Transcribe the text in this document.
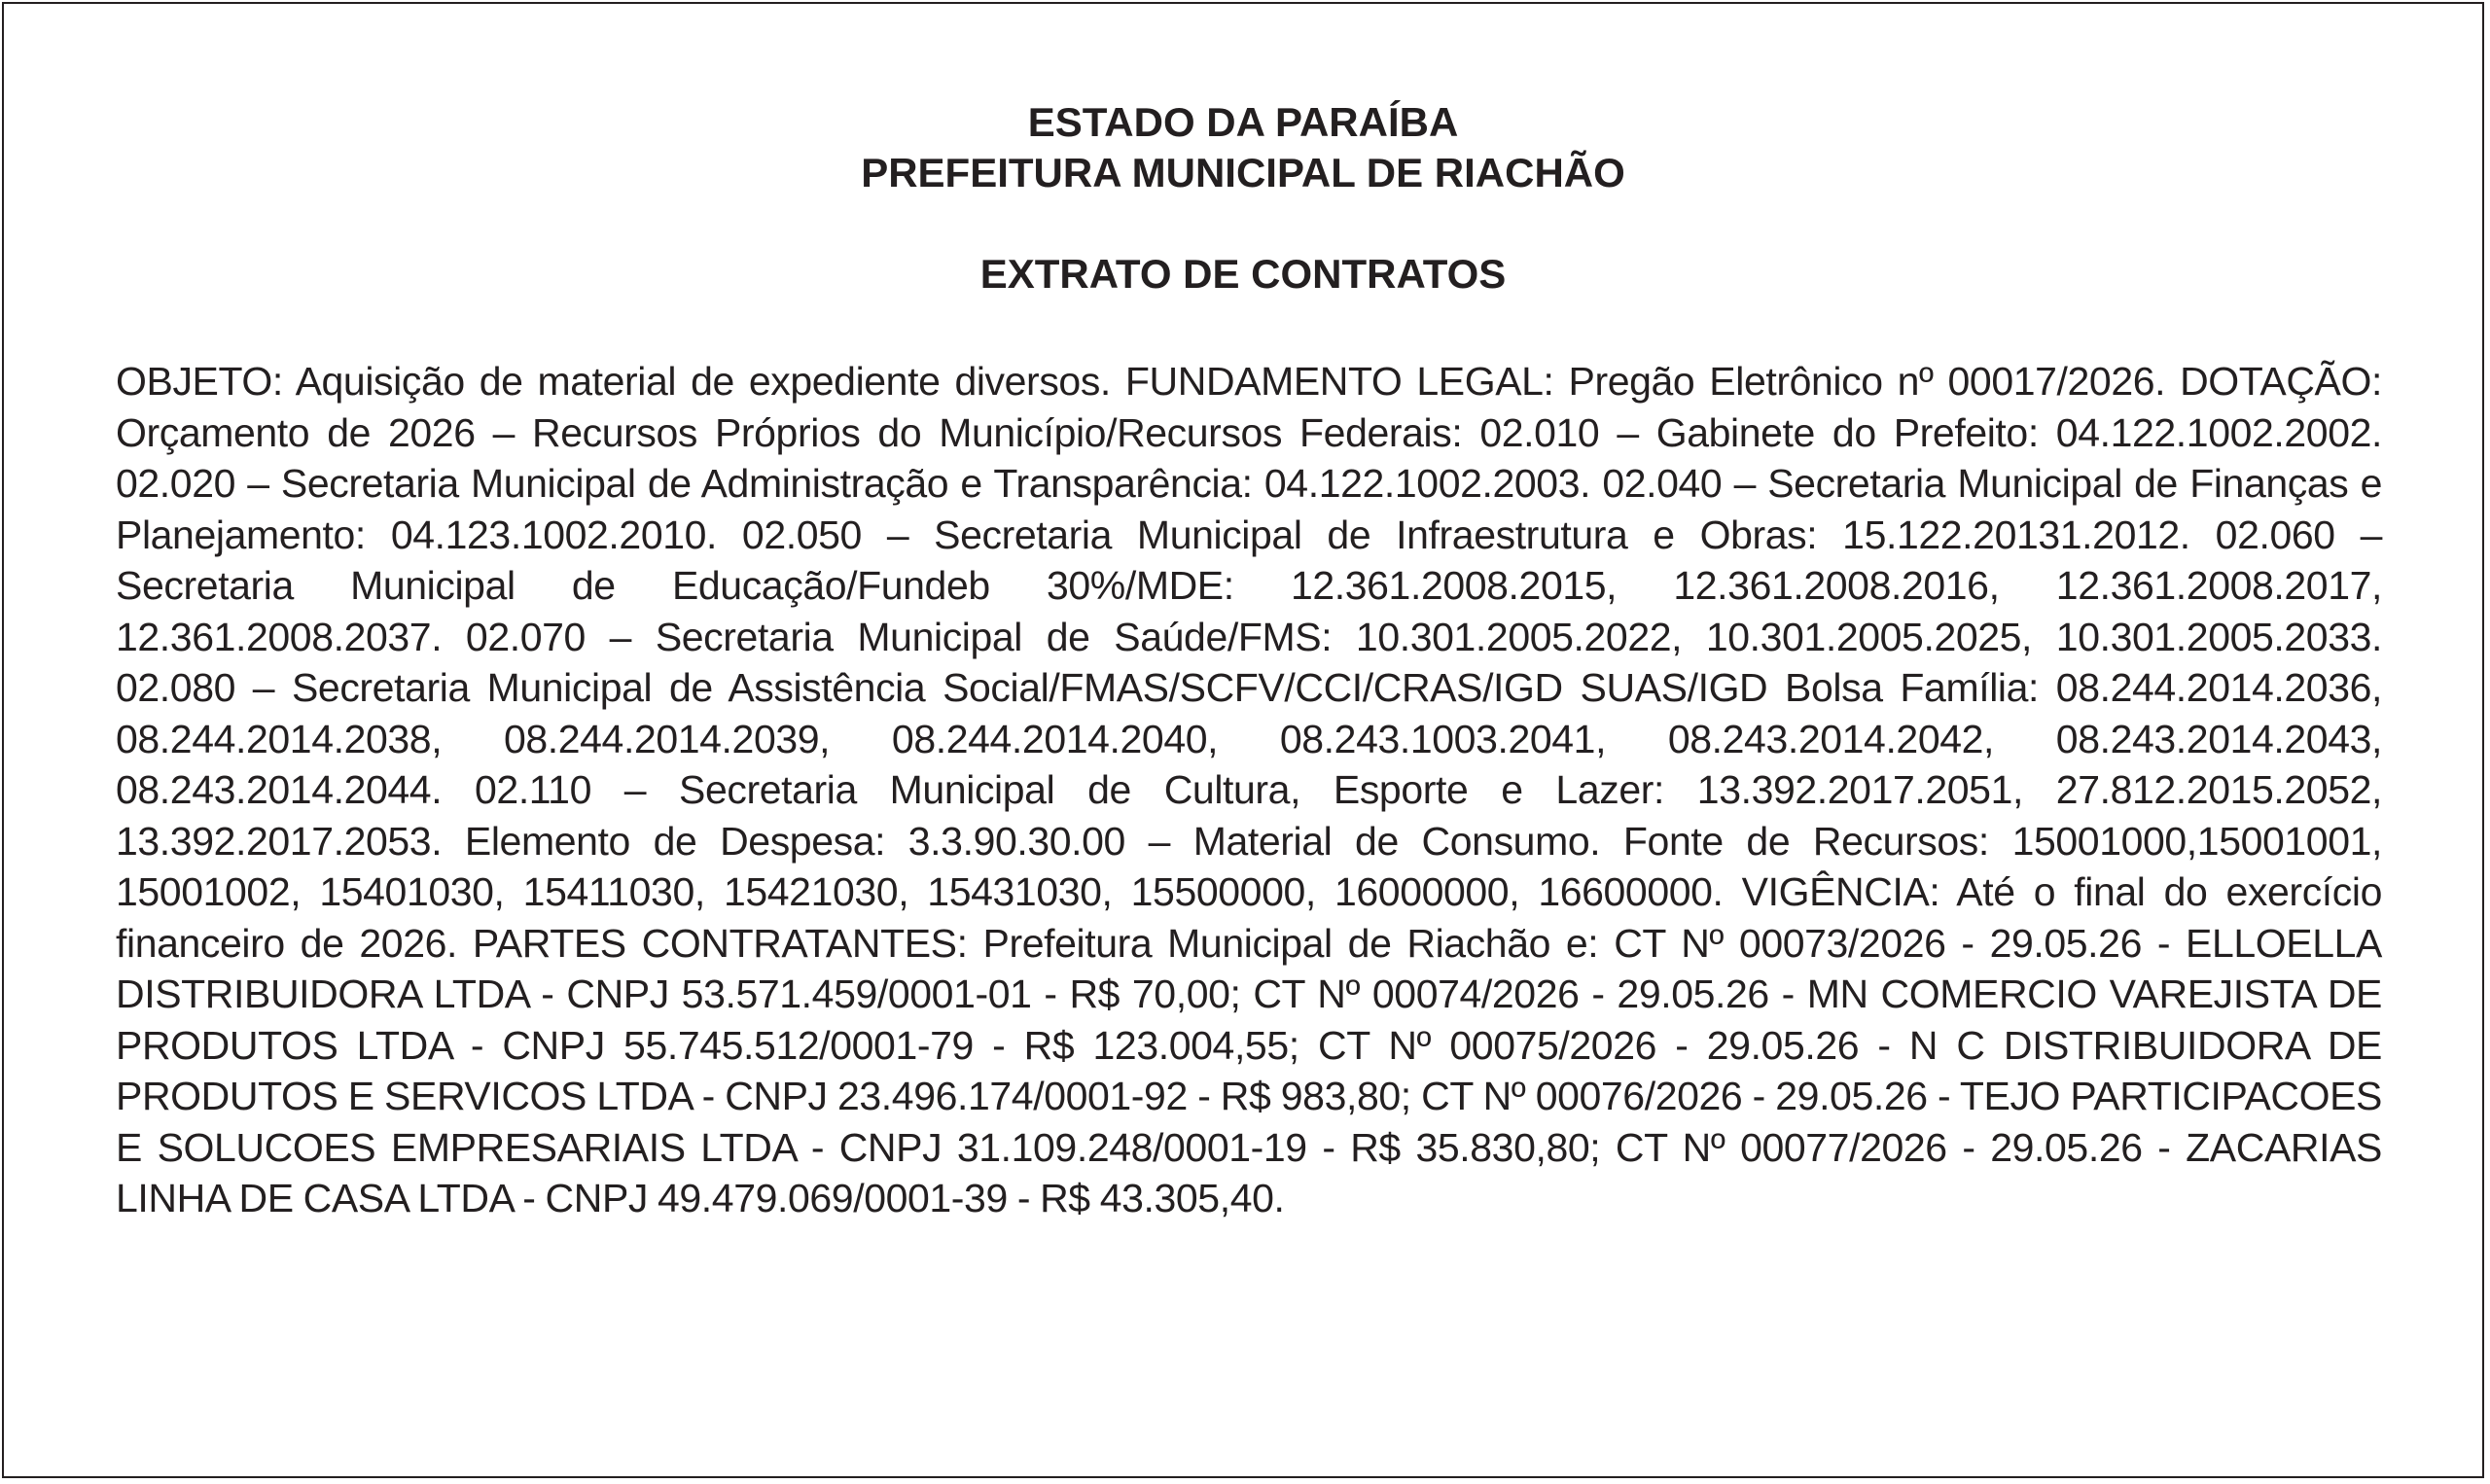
ESTADO DA PARAÍBA
PREFEITURA MUNICIPAL DE RIACHÃO
EXTRATO DE CONTRATOS
OBJETO: Aquisição de material de expediente diversos. FUNDAMENTO LEGAL: Pregão Eletrônico nº 00017/2026. DOTAÇÃO: Orçamento de 2026 – Recursos Próprios do Município/Recursos Federais: 02.010 – Gabinete do Prefeito: 04.122.1002.2002. 02.020 – Secretaria Municipal de Administração e Transparência: 04.122.1002.2003. 02.040 – Secretaria Municipal de Finanças e Planejamento: 04.123.1002.2010. 02.050 – Secretaria Municipal de Infraestrutura e Obras: 15.122.20131.2012. 02.060 – Secretaria Municipal de Educação/Fundeb 30%/MDE: 12.361.2008.2015, 12.361.2008.2016, 12.361.2008.2017, 12.361.2008.2037. 02.070 – Secretaria Municipal de Saúde/FMS: 10.301.2005.2022, 10.301.2005.2025, 10.301.2005.2033. 02.080 – Secretaria Municipal de Assistência Social/FMAS/SCFV/CCI/CRAS/IGD SUAS/IGD Bolsa Família: 08.244.2014.2036, 08.244.2014.2038, 08.244.2014.2039, 08.244.2014.2040, 08.243.1003.2041, 08.243.2014.2042, 08.243.2014.2043, 08.243.2014.2044. 02.110 – Secretaria Municipal de Cultura, Esporte e Lazer: 13.392.2017.2051, 27.812.2015.2052, 13.392.2017.2053. Elemento de Despesa: 3.3.90.30.00 – Material de Consumo. Fonte de Recursos: 15001000,15001001, 15001002, 15401030, 15411030, 15421030, 15431030, 15500000, 16000000, 16600000. VIGÊNCIA: Até o final do exercício financeiro de 2026. PARTES CONTRATANTES: Prefeitura Municipal de Riachão e: CT Nº 00073/2026 - 29.05.26 - ELLOELLA DISTRIBUIDORA LTDA - CNPJ 53.571.459/0001-01 - R$ 70,00; CT Nº 00074/2026 - 29.05.26 - MN COMERCIO VAREJISTA DE PRODUTOS LTDA - CNPJ 55.745.512/0001-79 - R$ 123.004,55; CT Nº 00075/2026 - 29.05.26 - N C DISTRIBUIDORA DE PRODUTOS E SERVICOS LTDA - CNPJ 23.496.174/0001-92 - R$ 983,80; CT Nº 00076/2026 - 29.05.26 - TEJO PARTICIPACOES E SOLUCOES EMPRESARIAIS LTDA - CNPJ 31.109.248/0001-19 - R$ 35.830,80; CT Nº 00077/2026 - 29.05.26 - ZACARIAS LINHA DE CASA LTDA - CNPJ 49.479.069/0001-39 - R$ 43.305,40.
